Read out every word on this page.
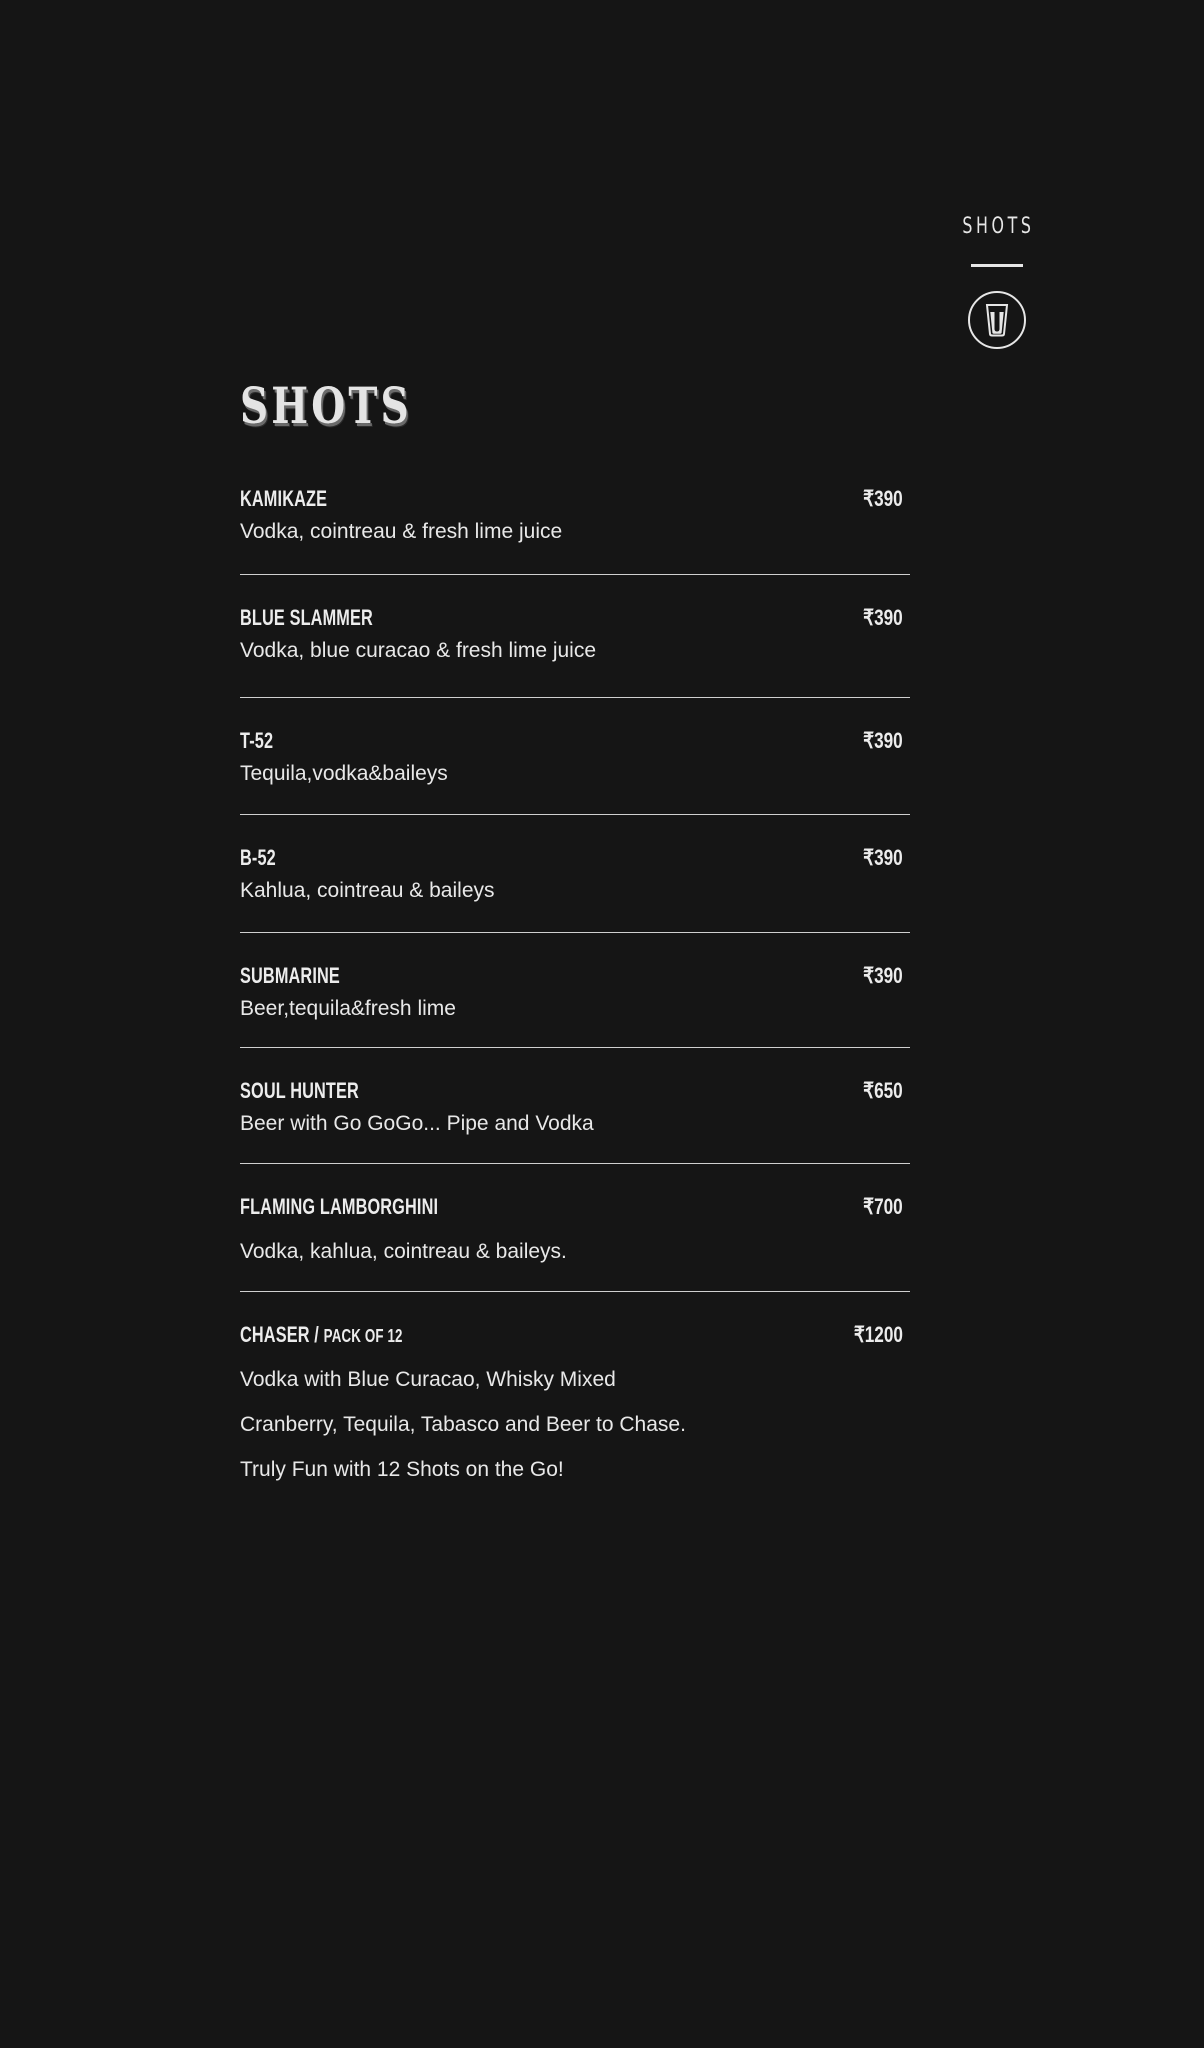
SHOTS
SHOTS
KAMIKAZE	₹390

Vodka, cointreau & fresh lime juice

BLUE SLAMMER	₹390

Vodka, blue curacao & fresh lime juice

T-52	₹390

Tequila,vodka&baileys

B-52	₹390

Kahlua, cointreau & baileys

SUBMARINE	₹390

Beer,tequila&fresh lime

SOUL HUNTER	₹650

Beer with Go GoGo... Pipe and Vodka

FLAMING LAMBORGHINI	₹700

Vodka, kahlua, cointreau & baileys.

CHASER / PACK OF 12	₹1200

Vodka with Blue Curacao, Whisky Mixed

Cranberry, Tequila, Tabasco and Beer to Chase.

Truly Fun with 12 Shots on the Go!
